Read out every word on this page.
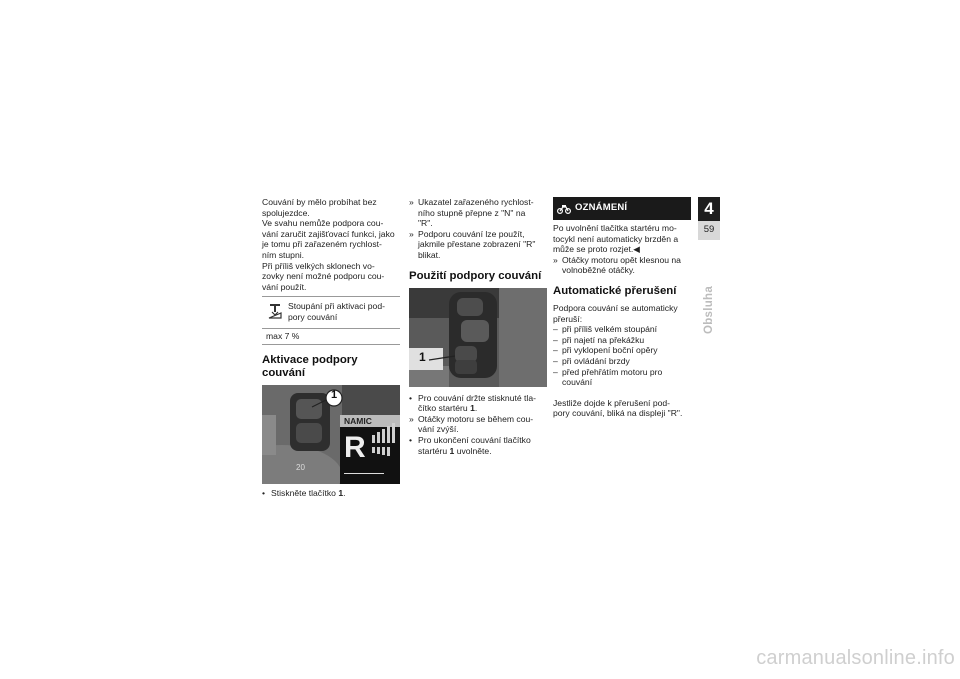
Couvání by mělo probíhat bez
spolujezdce.

Ve svahu nemůže podpora cou-
vání zaručit zajišťovací funkci, jako
je tomu při zařazeném rychlost-
ním stupni.

Při příliš velkých sklonech vo-
zovky není možné podporu cou-
vání použít.

Stoupání při aktivaci pod-
pory couvání
max 7 %
Aktivace podpory couvání
1
NAMIC
R
20
• Stiskněte tlačítko 1.
» Ukazatel zařazeného rychlost-
ního stupně přepne z "N" na
"R".
» Podporu couvání lze použít,
jakmile přestane zobrazení "R"
blikat.
Použití podpory couvání
1
• Pro couvání držte stisknuté tla-
čítko startéru 1.
» Otáčky motoru se během cou-
vání zvýší.
• Pro ukončení couvání tlačítko
startéru 1 uvolněte.
OZNÁMENÍ

Po uvolnění tlačítka startéru mo-
tocykl není automaticky brzděn a
může se proto rozjet.◀

» Otáčky motoru opět klesnou na
volnoběžné otáčky.
Automatické přerušení

Podpora couvání se automaticky
přeruší:

– při příliš velkém stoupání
– při najetí na překážku
– při vyklopení boční opěry
– při ovládání brzdy
– před přehřátím motoru pro
couvání

Jestliže dojde k přerušení pod-
pory couvání, bliká na displeji "R".

4
59
Obsluha
carmanualsonline.info
